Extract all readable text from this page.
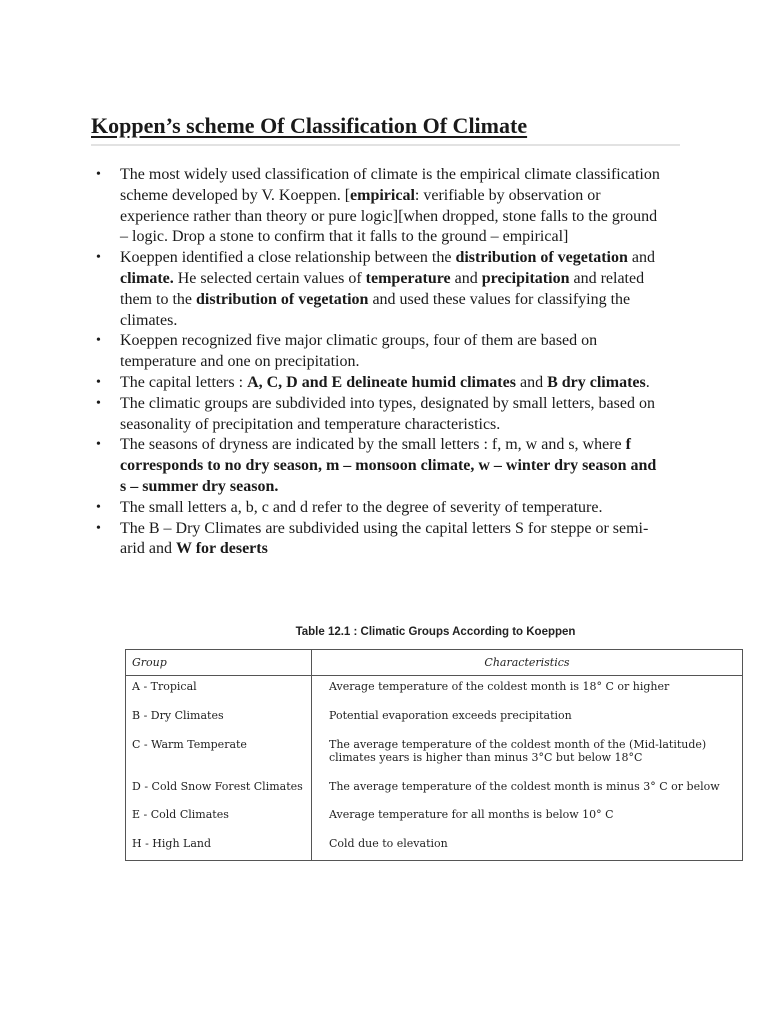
Koppen’s scheme Of Classification Of Climate
• The most widely used classification of climate is the empirical climate classification scheme developed by V. Koeppen. [empirical: verifiable by observation or experience rather than theory or pure logic][when dropped, stone falls to the ground – logic. Drop a stone to confirm that it falls to the ground – empirical]
• Koeppen identified a close relationship between the distribution of vegetation and climate. He selected certain values of temperature and precipitation and related them to the distribution of vegetation and used these values for classifying the climates.
• Koeppen recognized five major climatic groups, four of them are based on temperature and one on precipitation.
• The capital letters : A, C, D and E delineate humid climates and B dry climates.
• The climatic groups are subdivided into types, designated by small letters, based on seasonality of precipitation and temperature characteristics.
• The seasons of dryness are indicated by the small letters : f, m, w and s, where f corresponds to no dry season, m – monsoon climate, w – winter dry season and s – summer dry season.
• The small letters a, b, c and d refer to the degree of severity of temperature.
• The B – Dry Climates are subdivided using the capital letters S for steppe or semi-arid and W for deserts
Table 12.1 : Climatic Groups According to Koeppen
Group	Characteristics
A - Tropical	Average temperature of the coldest month is 18° C or higher
B - Dry Climates	Potential evaporation exceeds precipitation
C - Warm Temperate	The average temperature of the coldest month of the (Mid-latitude) climates years is higher than minus 3°C but below 18°C
D - Cold Snow Forest Climates	The average temperature of the coldest month is minus 3° C or below
E - Cold Climates	Average temperature for all months is below 10° C
H - High Land	Cold due to elevation
